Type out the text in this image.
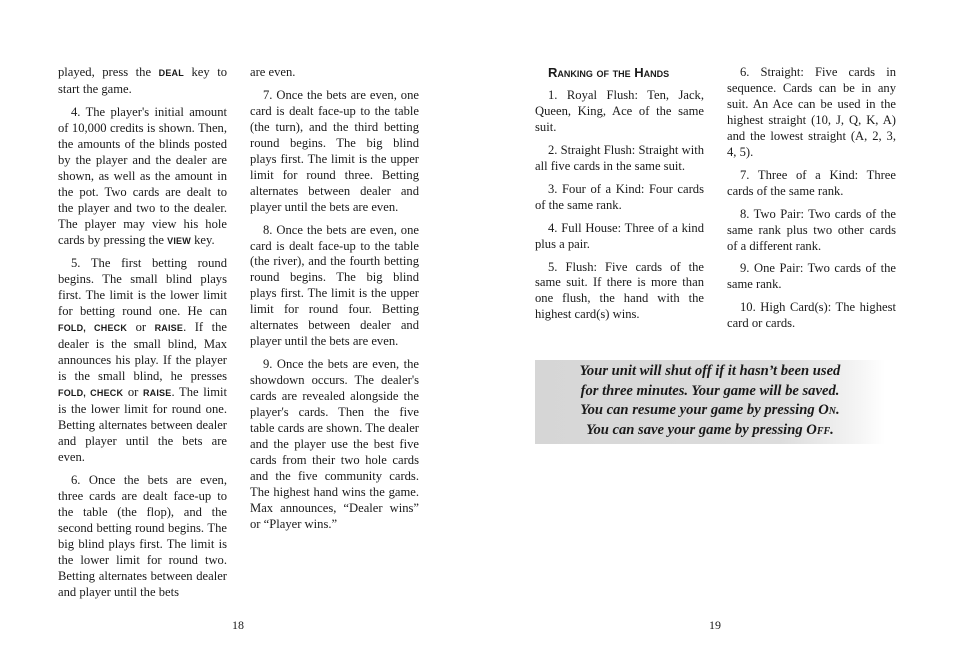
played, press the DEAL key to start the game.

4. The player's initial amount of 10,000 credits is shown. Then, the amounts of the blinds posted by the player and the dealer are shown, as well as the amount in the pot. Two cards are dealt to the player and two to the dealer. The player may view his hole cards by pressing the VIEW key.

5. The first betting round begins. The small blind plays first. The limit is the lower limit for betting round one. He can FOLD, CHECK or RAISE. If the dealer is the small blind, Max announces his play. If the player is the small blind, he presses FOLD, CHECK or RAISE. The limit is the lower limit for round one. Betting alternates between dealer and player until the bets are even.

6. Once the bets are even, three cards are dealt face-up to the table (the flop), and the second betting round begins. The big blind plays first. The limit is the lower limit for round two. Betting alternates between dealer and player until the bets

are even.

7. Once the bets are even, one card is dealt face-up to the table (the turn), and the third betting round begins. The big blind plays first. The limit is the upper limit for round three. Betting alternates between dealer and player until the bets are even.

8. Once the bets are even, one card is dealt face-up to the table (the river), and the fourth betting round begins. The big blind plays first. The limit is the upper limit for round four. Betting alternates between dealer and player until the bets are even.

9. Once the bets are even, the showdown occurs. The dealer's cards are revealed alongside the player's cards. Then the five table cards are shown. The dealer and the player use the best five cards from their two hole cards and the five community cards. The highest hand wins the game. Max announces, “Dealer wins” or “Player wins.”

18

Ranking of the Hands

1. Royal Flush: Ten, Jack, Queen, King, Ace of the same suit.

2. Straight Flush: Straight with all five cards in the same suit.

3. Four of a Kind: Four cards of the same rank.

4. Full House: Three of a kind plus a pair.

5. Flush: Five cards of the same suit. If there is more than one flush, the hand with the highest card(s) wins.

6. Straight: Five cards in sequence. Cards can be in any suit. An Ace can be used in the highest straight (10, J, Q, K, A) and the lowest straight (A, 2, 3, 4, 5).

7. Three of a Kind: Three cards of the same rank.

8. Two Pair: Two cards of the same rank plus two other cards of a different rank.

9. One Pair: Two cards of the same rank.

10. High Card(s): The highest card or cards.

Your unit will shut off if it hasn’t been used
for three minutes. Your game will be saved.
You can resume your game by pressing On.
You can save your game by pressing Off.
19
